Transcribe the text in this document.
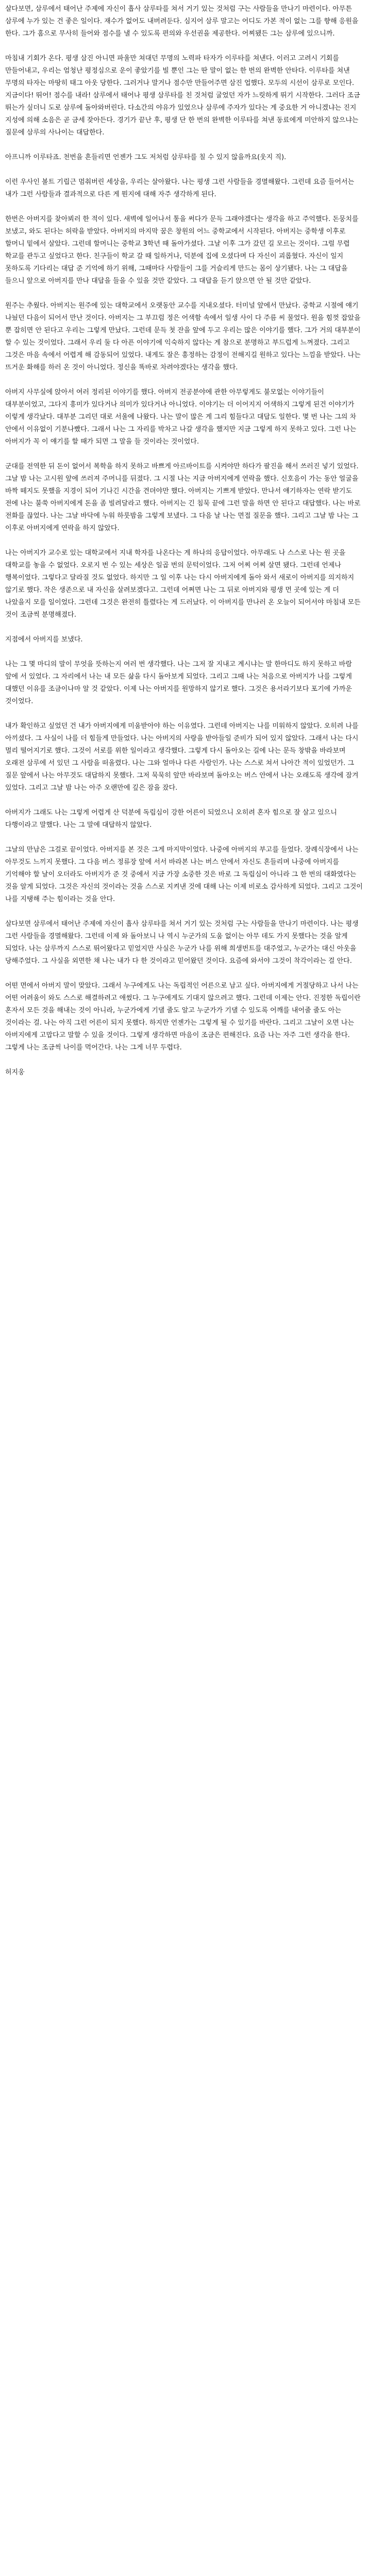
살다보면, 삼루에서 태어난 주제에 자신이 흡사 삼루타를 쳐서 거기 있는 것처럼 구는 사람들을 만나기 마련이다. 아무튼 삼루에 누가 있는 건 좋은 일이다. 재수가 없어도 내버려둔다. 심지어 삼루 말고는 어디도 가본 적이 없는 그를 향해 응원을 한다. 그가 홈으로 무사히 들어와 점수를 낼 수 있도록 편의와 우선권을 제공한다. 어찌됐든 그는 삼루에 있으니까.

마침내 기회가 온다. 평생 삼진 아니면 파울만 쳐대던 무명의 노력파 타자가 이루타를 쳐낸다. 이러고 고려시 기회를 만들어내고, 우리는 엄청난 평정심으로 운이 좋았기를 빌 뿐인 그는 딴 말이 없는 한 번의 완벽한 안타다. 이루타를 쳐낸 무명의 타자는 마땅히 태그 아웃 당한다. 그러거나 말거나 점수만 만들어주면 삼진 업했다. 모두의 시선이 삼루로 모인다. 지금이다! 뛰어! 점수를 내라! 삼루에서 태어나 평생 삼루타를 친 것처럼 굴었던 자가 느릿하게 뛰기 시작한다. 그러다 조금 뛰는가 싶더니 도로 삼루에 돌아와버린다. 다소간의 야유가 있었으나 삼루에 주자가 있다는 게 중요한 거 아니겠냐는 진지 지성에 의해 소음은 곧 금세 잦아든다. 경기가 끝난 후, 평생 단 한 번의 완벽한 이루타를 쳐낸 동료에게 미안하지 않으냐는 질문에 삼루의 사나이는 대답한다.

아프니까 이루타죠. 천번을 흔들리면 언젠가 그도 저처럼 삼루타를 칠 수 있지 않을까요(웃지 직).

이런 우사인 볼트 기립근 멈춰버린 세상을, 우리는 살아왔다. 나는 평생 그런 사람들을 경멸해왔다. 그런데 요즘 들어서는 내가 그런 사람들과 결과적으로 다른 게 뭔지에 대해 자주 생각하게 된다.

한번은 아버지를 찾아뵈러 한 적이 있다. 새벽에 일어나서 통을 써다가 문득 그래야겠다는 생각을 하고 주억했다. 돈뭉치를 보냈고, 와도 된다는 허락을 받았다. 아버지의 마지막 꿈은 창원의 어느 중학교에서 시작된다. 아버지는 중학생 이후로 할머니 밑에서 살았다. 그런데 할머니는 중학교 3학년 때 돌아가셨다. 그날 이후 그가 갔던 길 모르는 것이다. 그럴 무렵 학교를 관두고 싶었다고 한다. 친구들이 학교 갈 때 일하거나, 덕분에 집에 오셨다며 다 자신이 괴롭혔다. 자신이 일지 못하도록 기다리는 대답 준 기억에 하기 위해, 그때마다 사람들이 그를 거슬리게 만드는 몸이 상기됐다. 나는 그 대답을 들으니 앞으로 아버지를 만나 대답을 들을 수 있을 것만 같았다. 그 대답을 듣기 앉으면 안 될 것만 같았다.

원주는 추웠다. 아버지는 원주에 있는 대학교에서 오랫동안 교수를 지내오셨다. 터미널 앞에서 만났다. 중학교 시절에 얘기 나눴던 다음이 되어서 만난 것이다. 아버지는 그 부끄럼 정은 어색함 속에서 일생 사이 다 주름 씨 물었다. 원을 힘껏 잡았을 뿐 잡히면 안 된다고 우리는 그렇게 만났다. 그런데 문득 첫 잔을 앞에 두고 우리는 많은 이야기를 했다. 그가 거의 대부분이 할 수 있는 것이었다. 그래서 우리 둘 다 아픈 이야기에 익숙하지 않다는 게 참으로 분명하고 부드럽게 느껴졌다. 그리고 그것은 마음 속에서 어렵게 해 감동되어 있었다. 내게도 잘은 흥정하는 감정이 전해지길 원하고 있다는 느낌을 받았다. 나는 뜨거운 화해를 하러 온 것이 아니었다. 정신을 똑바로 차려야겠다는 생각을 했다.

아버지 사무실에 앉아서 여러 정리된 이야기를 했다. 아버지 전공분야에 관한 아무렇게도 불모없는 이야기들이 대부분이었고, 그다지 흥미가 있다거나 의미가 있다거나 아니었다. 이야기는 더 이어지지 어색하지 그렇게 된건 이야기가 이렇게 생각났다. 대부분 그리던 대로 서울에 나왔다. 나는 말이 많은 게 그리 힘들다고 대답도 일한다. 몇 번 나는 그의 차 안에서 이유없이 기분나빴다. 그래서 나는 그 자리를 박차고 나갈 생각을 했지만 지금 그렇게 하지 못하고 있다. 그런 나는 아버지가 꼭 이 얘기를 할 때가 되면 그 말을 들 것이라는 것이었다.

군대를 전역한 뒤 돈이 없어서 복학을 하지 못하고 바쁘게 아르바이트를 시켜야만 하다가 팔진을 해서 쓰러진 넣기 있었다. 그날 밤 나는 고시원 앞에 쓰러져 주머니를 뒤졌다. 그 시절 나는 지금 아버지에게 연락을 했다. 신호음이 가는 동안 얼굴을 바짝 떼지도 못했을 지경이 되어 기나긴 시간을 견뎌야만 했다. 아버지는 기쁘게 받았다. 만나서 얘기하자는 연락 받기도 전에 나는 불쑥 아버지에게 돈을 좀 빌려달라고 했다. 아버지는 긴 침묵 끝에 그런 말을 하면 안 된다고 대답했다. 나는 바로 전화를 끊었다. 나는 그날 바닥에 누워 하룻밤을 그렇게 보냈다. 그 다음 날 나는 면접 질문을 했다. 그리고 그날 밤 나는 그 이후로 아버지에게 연락을 하지 않았다.

나는 아버지가 교수로 있는 대학교에서 지내 학자를 나온다는 게 하나의 응답이었다. 아무래도 나 스스로 나는 원 곳을 대학교를 놓을 수 없었다. 오로지 번 수 있는 세상은 일곱 번의 문턱이었다. 그저 어찌 어찌 살면 됐다. 그런데 언제나 행복이었다. 그렇다고 달라질 것도 없었다. 하지만 그 일 이후 나는 다시 아버지에게 돌아 와서 새로이 아버지를 의지하지 않기로 했다. 작은 생존으로 내 자신을 살려보겠다고. 그런데 어쩌면 나는 그 뒤로 아버지와 평생 먼 곳에 있는 게 더 나았을지 모를 일이었다. 그런데 그것은 완전히 틀렸다는 게 드러났다. 이 아버지를 만나러 온 오늘이 되어서야 마침내 모든 것이 조금씩 분명해졌다.

지점에서 아버지를 보냈다.

나는 그 몇 마디의 말이 무엇을 뜻하는지 여러 번 생각했다. 나는 그저 잘 지내고 계시냐는 말 한마디도 하지 못하고 바람 앞에 서 있었다. 그 자리에서 나는 내 모든 삶을 다시 돌아보게 되었다. 그리고 그때 나는 처음으로 아버지가 나를 그렇게 대했던 이유를 조금이나마 알 것 같았다. 이제 나는 아버지를 원망하지 않기로 했다. 그것은 용서라기보다 포기에 가까운 것이었다.

내가 확인하고 싶었던 건 내가 아버지에게 미움받아야 하는 이유였다. 그런데 아버지는 나를 미워하지 않았다. 오히려 나를 아끼셨다. 그 사실이 나를 더 힘들게 만들었다. 나는 아버지의 사랑을 받아들일 준비가 되어 있지 않았다. 그래서 나는 다시 멀리 떨어지기로 했다. 그것이 서로를 위한 일이라고 생각했다. 그렇게 다시 돌아오는 길에 나는 문득 창밖을 바라보며 오래전 삼루에 서 있던 그 사람을 떠올렸다. 나는 그와 얼마나 다른 사람인가. 나는 스스로 쳐서 나아간 적이 있었던가. 그 질문 앞에서 나는 아무것도 대답하지 못했다. 그저 묵묵히 앞만 바라보며 돌아오는 버스 안에서 나는 오래도록 생각에 잠겨 있었다. 그리고 그날 밤 나는 아주 오랜만에 깊은 잠을 잤다.

아버지가 그래도 나는 그렇게 어렵게 산 덕분에 독립심이 강한 어른이 되었으니 오히려 혼자 힘으로 잘 살고 있으니 다행이라고 말했다. 나는 그 말에 대답하지 않았다.

그날의 만남은 그걸로 끝이었다. 아버지를 본 것은 그게 마지막이었다. 나중에 아버지의 부고를 들었다. 장례식장에서 나는 아무것도 느끼지 못했다. 그 다음 버스 정류장 앞에 서서 바라본 나는 버스 안에서 자신도 흔들리며 나중에 아버지를 기억해야 할 날이 오더라도 아버지가 준 것 중에서 지금 가장 소중한 것은 바로 그 독립심이 아니라 그 한 번의 대화였다는 것을 알게 되었다. 그것은 자신의 것이라는 것을 스스로 지켜낸 것에 대해 나는 이제 비로소 감사하게 되었다. 그리고 그것이 나를 지탱해 주는 힘이라는 것을 안다.

살다보면 삼루에서 태어난 주제에 자신이 흡사 삼루타를 쳐서 거기 있는 것처럼 구는 사람들을 만나기 마련이다. 나는 평생 그런 사람들을 경멸해왔다. 그런데 이제 와 돌아보니 나 역시 누군가의 도움 없이는 아무 데도 가지 못했다는 것을 알게 되었다. 나는 삼루까지 스스로 뛰어왔다고 믿었지만 사실은 누군가 나를 위해 희생번트를 대주었고, 누군가는 대신 아웃을 당해주었다. 그 사실을 외면한 채 나는 내가 다 한 것이라고 믿어왔던 것이다. 요즘에 와서야 그것이 착각이라는 걸 안다.

어떤 면에서 아버지 말이 맞았다. 그래서 누구에게도 나는 독립적인 어른으로 남고 싶다. 아버지에게 거절당하고 나서 나는 어떤 어려움이 와도 스스로 해결하려고 애썼다. 그 누구에게도 기대지 않으려고 했다. 그런데 이제는 안다. 진정한 독립이란 혼자서 모든 것을 해내는 것이 아니라, 누군가에게 기댈 줄도 알고 누군가가 기댈 수 있도록 어깨를 내어줄 줄도 아는 것이라는 걸. 나는 아직 그런 어른이 되지 못했다. 하지만 언젠가는 그렇게 될 수 있기를 바란다. 그리고 그날이 오면 나는 아버지에게 고맙다고 말할 수 있을 것이다. 그렇게 생각하면 마음이 조금은 편해진다. 요즘 나는 자주 그런 생각을 한다. 그렇게 나는 조금씩 나이를 먹어간다. 나는 그게 너무 두렵다.

허지웅
